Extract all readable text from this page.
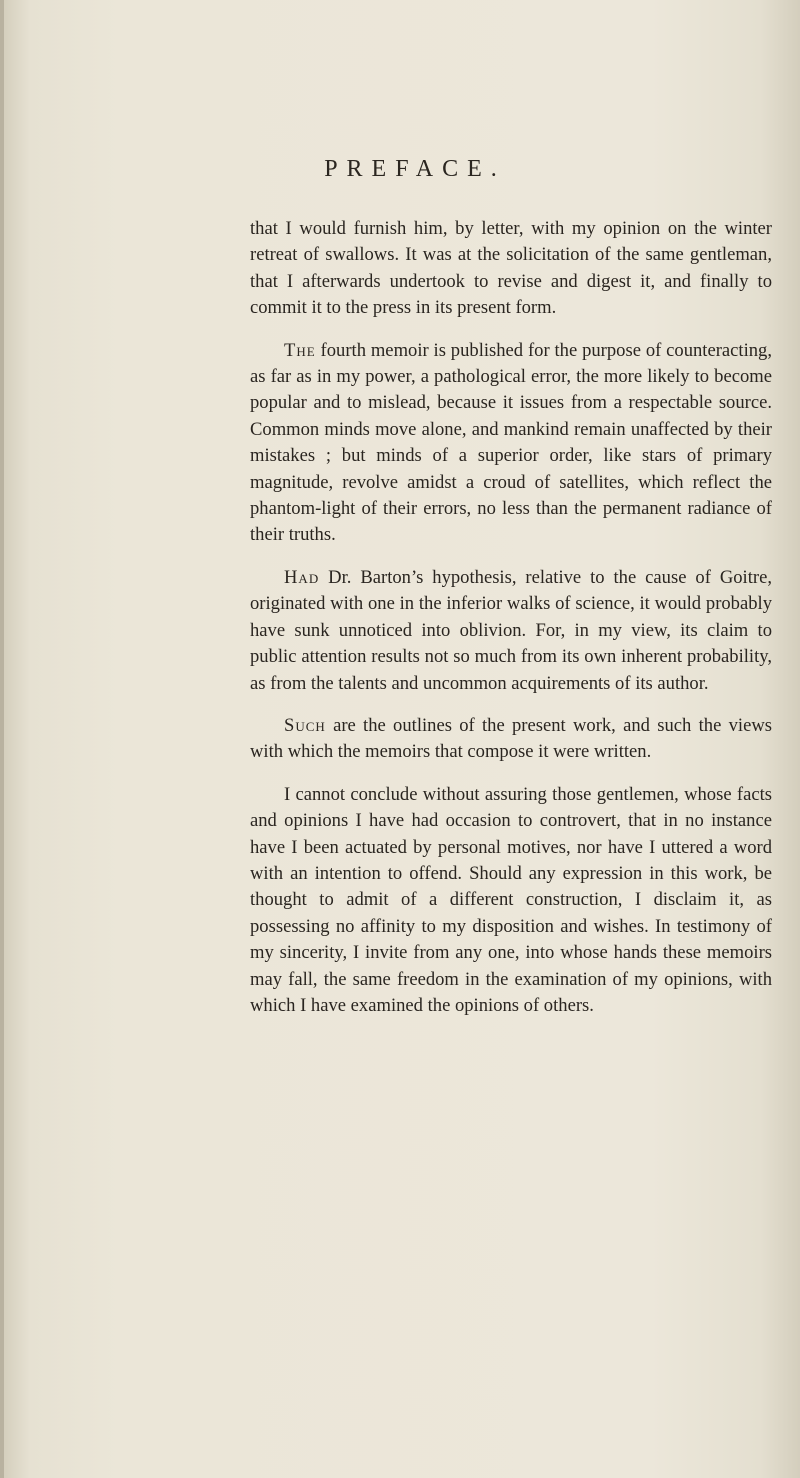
PREFACE.

that I would furnish him, by letter, with my opinion on the winter retreat of swallows. It was at the solicitation of the same gentleman, that I afterwards undertook to revise and digest it, and finally to commit it to the press in its present form.

The fourth memoir is published for the purpose of counteracting, as far as in my power, a pathological error, the more likely to become popular and to mislead, because it issues from a respectable source. Common minds move alone, and mankind remain unaffected by their mistakes ; but minds of a superior order, like stars of primary magnitude, revolve amidst a croud of satellites, which reflect the phantom-light of their errors, no less than the permanent radiance of their truths.

Had Dr. Barton’s hypothesis, relative to the cause of Goitre, originated with one in the inferior walks of science, it would probably have sunk unnoticed into oblivion. For, in my view, its claim to public attention results not so much from its own inherent probability, as from the talents and uncommon acquirements of its author.

Such are the outlines of the present work, and such the views with which the memoirs that compose it were written.

I cannot conclude without assuring those gentlemen, whose facts and opinions I have had occasion to controvert, that in no instance have I been actuated by personal motives, nor have I uttered a word with an intention to offend. Should any expression in this work, be thought to admit of a different construction, I disclaim it, as possessing no affinity to my disposition and wishes. In testimony of my sincerity, I invite from any one, into whose hands these memoirs may fall, the same freedom in the examination of my opinions, with which I have examined the opinions of others.
